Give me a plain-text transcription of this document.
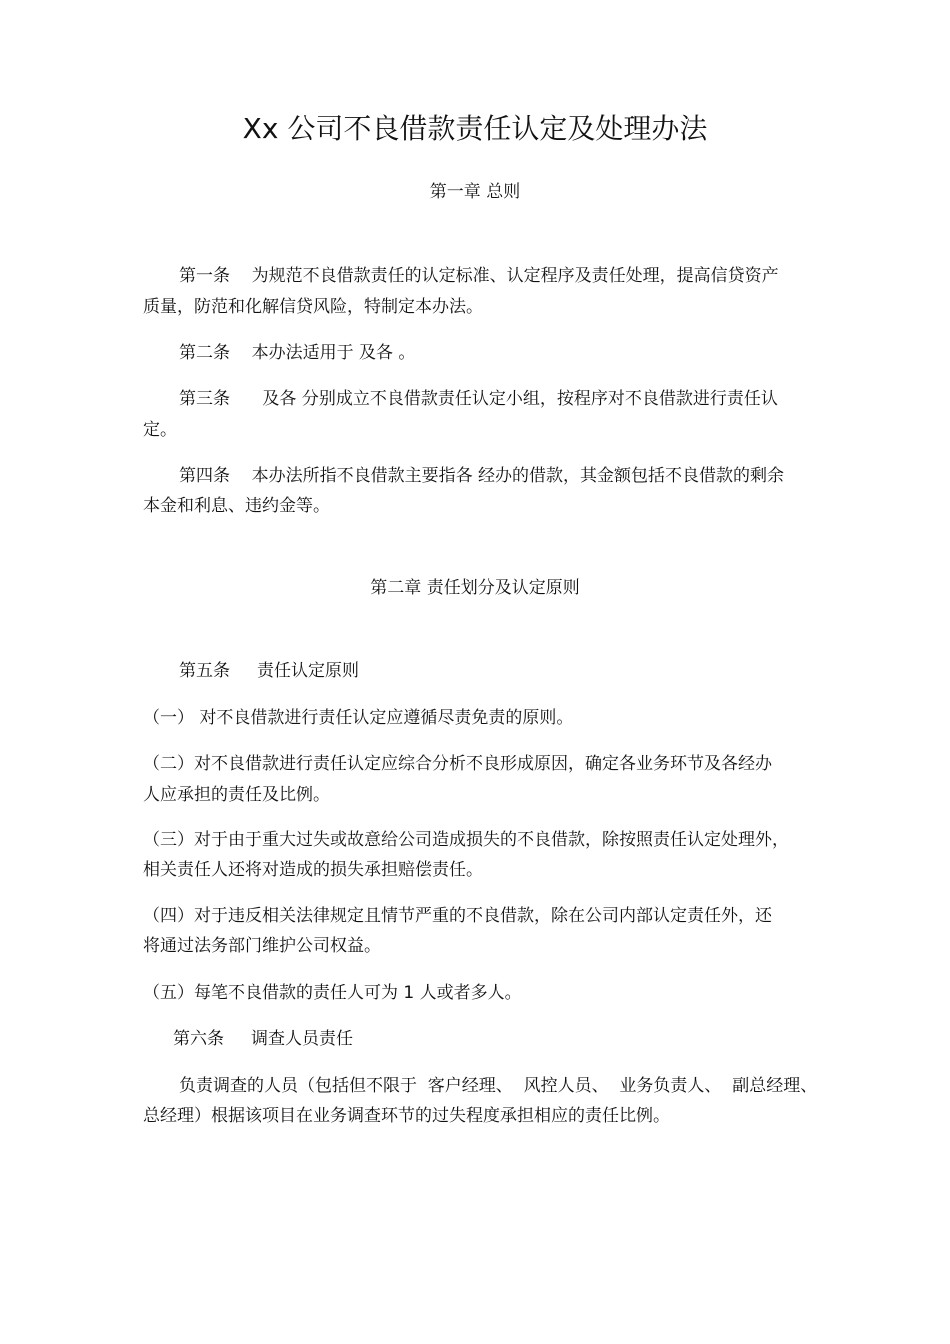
Xx 公司不良借款责任认定及处理办法
第一章 总则
第一条    为规范不良借款责任的认定标准、认定程序及责任处理，提高信贷资产
质量，防范和化解信贷风险，特制定本办法。
第二条    本办法适用于 及各 。
第三条      及各 分别成立不良借款责任认定小组，按程序对不良借款进行责任认
定。
第四条    本办法所指不良借款主要指各 经办的借款，其金额包括不良借款的剩余
本金和利息、违约金等。
第二章 责任划分及认定原则
第五条     责任认定原则
（一） 对不良借款进行责任认定应遵循尽责免责的原则。
（二）对不良借款进行责任认定应综合分析不良形成原因，确定各业务环节及各经办
人应承担的责任及比例。
（三）对于由于重大过失或故意给公司造成损失的不良借款，除按照责任认定处理外，
相关责任人还将对造成的损失承担赔偿责任。
（四）对于违反相关法律规定且情节严重的不良借款，除在公司内部认定责任外，还
将通过法务部门维护公司权益。
（五）每笔不良借款的责任人可为 1 人或者多人。
第六条     调查人员责任
负责调查的人员（包括但不限于  客户经理、  风控人员、  业务负责人、  副总经理、
总经理）根据该项目在业务调查环节的过失程度承担相应的责任比例。
